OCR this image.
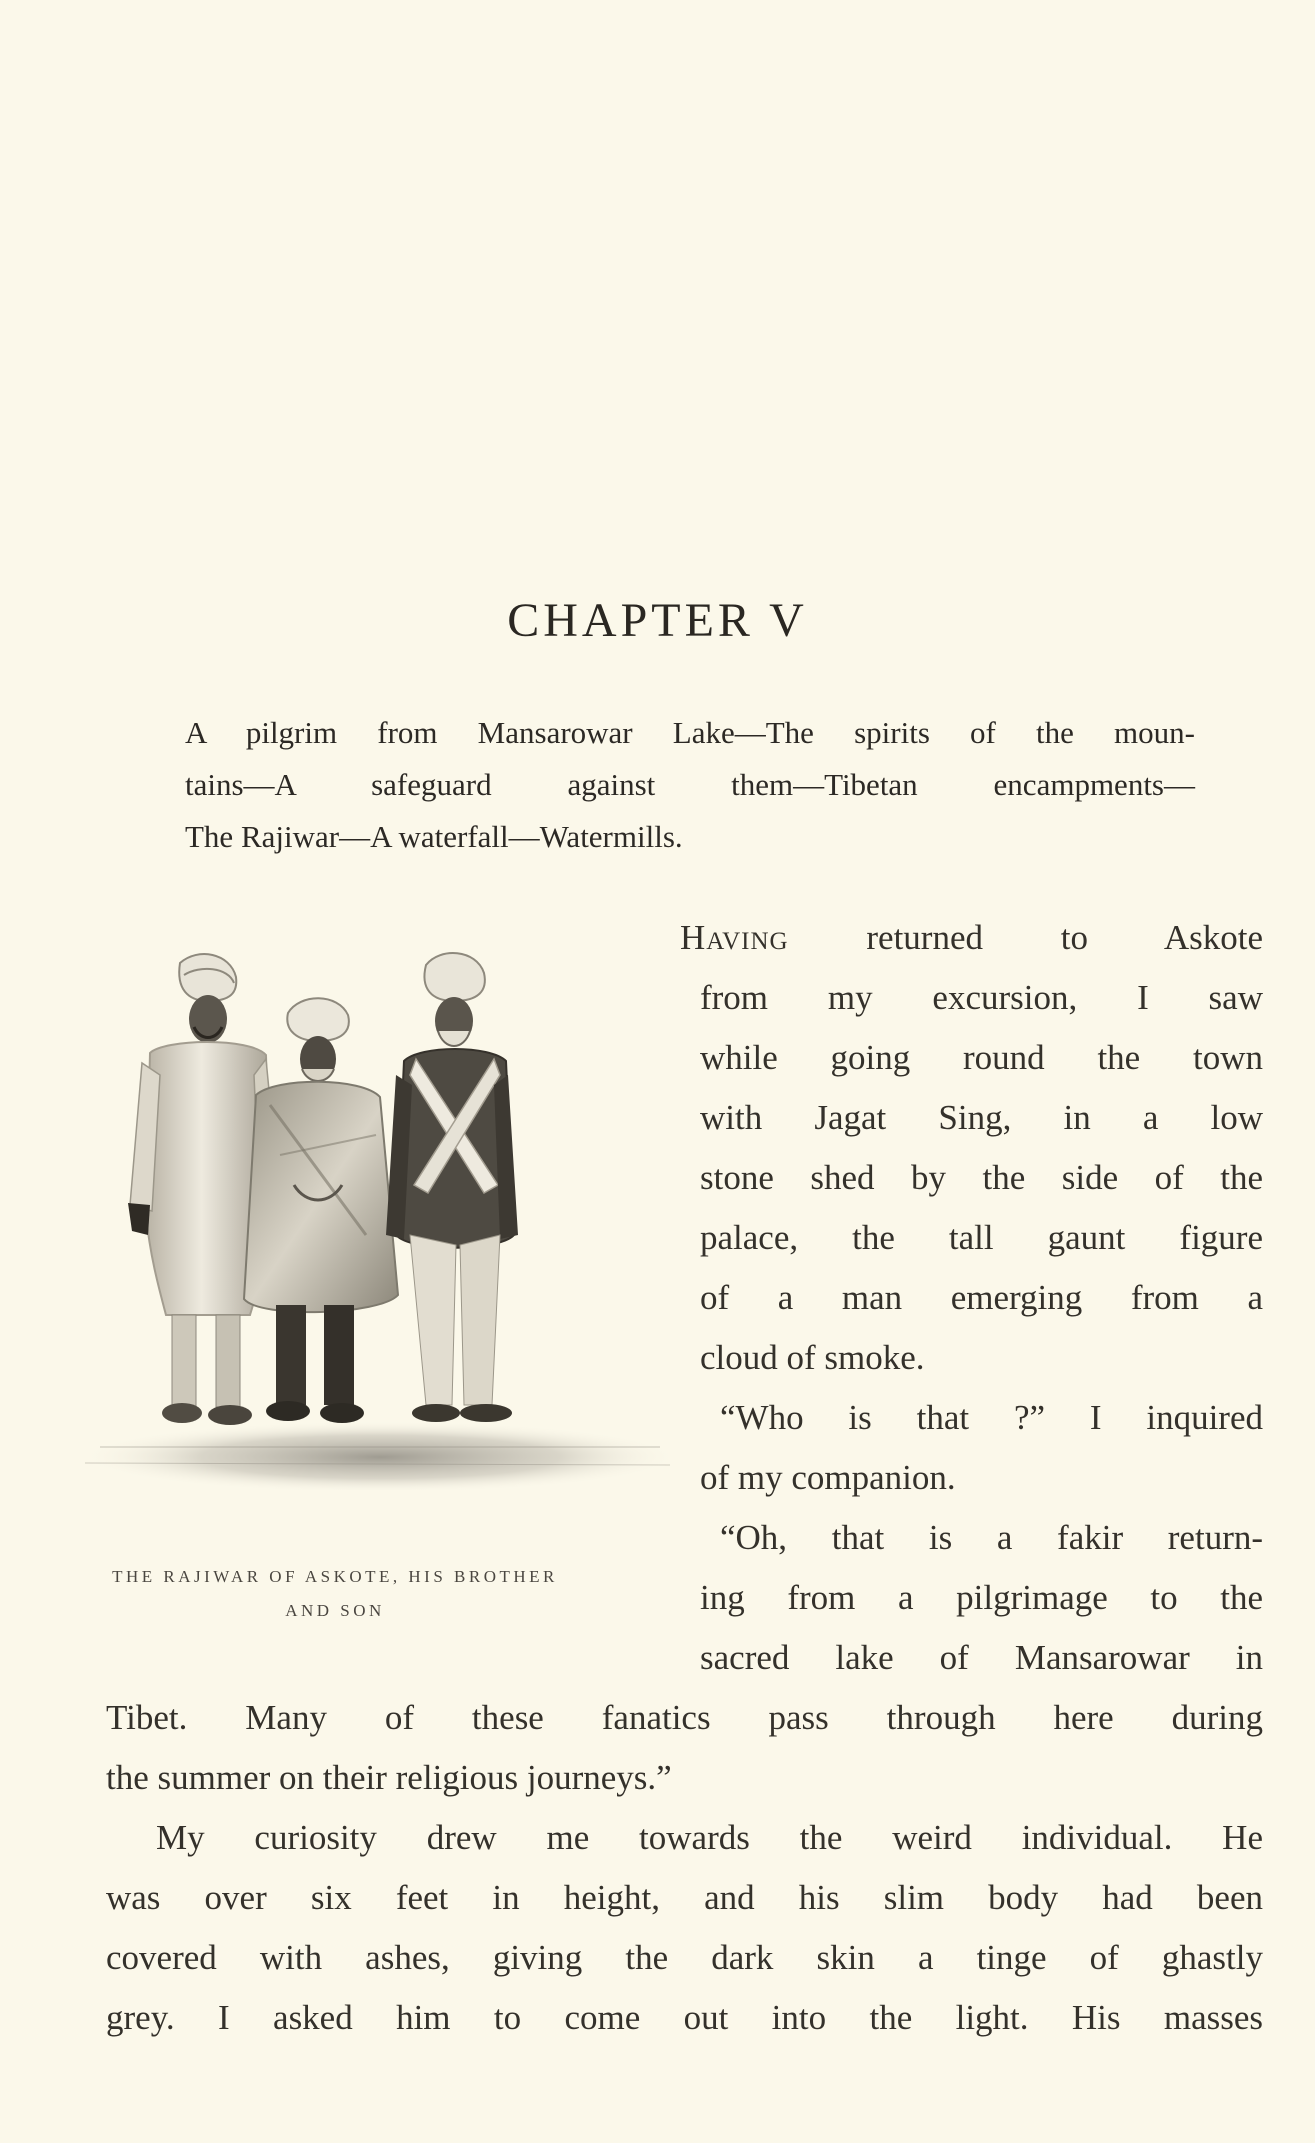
CHAPTER V

A pilgrim from Mansarowar Lake—The spirits of the moun-

tains—A safeguard against them—Tibetan encampments—

The Rajiwar—A waterfall—Watermills.

THE RAJIWAR OF ASKOTE, HIS BROTHER
AND SON
Having returned to Askote
from my excursion, I saw
while going round the town
with Jagat Sing, in a low
stone shed by the side of the
palace, the tall gaunt figure
of a man emerging from a
cloud of smoke.
“Who is that ?” I inquired
of my companion.
“Oh, that is a fakir return-
ing from a pilgrimage to the
sacred lake of Mansarowar in
Tibet. Many of these fanatics pass through here during
the summer on their religious journeys.”
My curiosity drew me towards the weird individual. He
was over six feet in height, and his slim body had been
covered with ashes, giving the dark skin a tinge of ghastly
grey. I asked him to come out into the light. His masses
